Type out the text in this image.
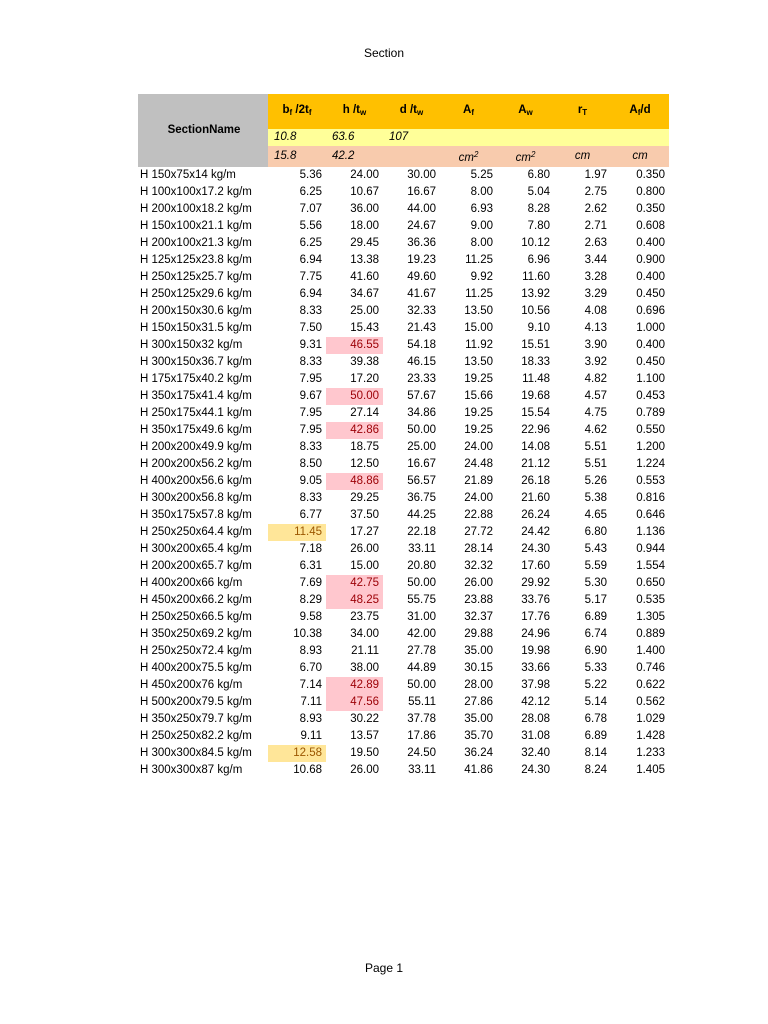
Section
SectionName	$b_f$ $/2t_f$	h $/t_w$	d $/t_w$	$A_f$	$A_w$	$r_T$	$A_f/d$
	10.8	63.6	107				
	15.8	42.2		$cm^2$	$cm^2$	cm	cm
H 150x75x14 kg/m	5.36	24.00	30.00	5.25	6.80	1.97	0.350
H 100x100x17.2 kg/m	6.25	10.67	16.67	8.00	5.04	2.75	0.800
H 200x100x18.2 kg/m	7.07	36.00	44.00	6.93	8.28	2.62	0.350
H 150x100x21.1 kg/m	5.56	18.00	24.67	9.00	7.80	2.71	0.608
H 200x100x21.3 kg/m	6.25	29.45	36.36	8.00	10.12	2.63	0.400
H 125x125x23.8 kg/m	6.94	13.38	19.23	11.25	6.96	3.44	0.900
H 250x125x25.7 kg/m	7.75	41.60	49.60	9.92	11.60	3.28	0.400
H 250x125x29.6 kg/m	6.94	34.67	41.67	11.25	13.92	3.29	0.450
H 200x150x30.6 kg/m	8.33	25.00	32.33	13.50	10.56	4.08	0.696
H 150x150x31.5 kg/m	7.50	15.43	21.43	15.00	9.10	4.13	1.000
H 300x150x32 kg/m	9.31	46.55	54.18	11.92	15.51	3.90	0.400
H 300x150x36.7 kg/m	8.33	39.38	46.15	13.50	18.33	3.92	0.450
H 175x175x40.2 kg/m	7.95	17.20	23.33	19.25	11.48	4.82	1.100
H 350x175x41.4 kg/m	9.67	50.00	57.67	15.66	19.68	4.57	0.453
H 250x175x44.1 kg/m	7.95	27.14	34.86	19.25	15.54	4.75	0.789
H 350x175x49.6 kg/m	7.95	42.86	50.00	19.25	22.96	4.62	0.550
H 200x200x49.9 kg/m	8.33	18.75	25.00	24.00	14.08	5.51	1.200
H 200x200x56.2 kg/m	8.50	12.50	16.67	24.48	21.12	5.51	1.224
H 400x200x56.6 kg/m	9.05	48.86	56.57	21.89	26.18	5.26	0.553
H 300x200x56.8 kg/m	8.33	29.25	36.75	24.00	21.60	5.38	0.816
H 350x175x57.8 kg/m	6.77	37.50	44.25	22.88	26.24	4.65	0.646
H 250x250x64.4 kg/m	11.45	17.27	22.18	27.72	24.42	6.80	1.136
H 300x200x65.4 kg/m	7.18	26.00	33.11	28.14	24.30	5.43	0.944
H 200x200x65.7 kg/m	6.31	15.00	20.80	32.32	17.60	5.59	1.554
H 400x200x66 kg/m	7.69	42.75	50.00	26.00	29.92	5.30	0.650
H 450x200x66.2 kg/m	8.29	48.25	55.75	23.88	33.76	5.17	0.535
H 250x250x66.5 kg/m	9.58	23.75	31.00	32.37	17.76	6.89	1.305
H 350x250x69.2 kg/m	10.38	34.00	42.00	29.88	24.96	6.74	0.889
H 250x250x72.4 kg/m	8.93	21.11	27.78	35.00	19.98	6.90	1.400
H 400x200x75.5 kg/m	6.70	38.00	44.89	30.15	33.66	5.33	0.746
H 450x200x76 kg/m	7.14	42.89	50.00	28.00	37.98	5.22	0.622
H 500x200x79.5 kg/m	7.11	47.56	55.11	27.86	42.12	5.14	0.562
H 350x250x79.7 kg/m	8.93	30.22	37.78	35.00	28.08	6.78	1.029
H 250x250x82.2 kg/m	9.11	13.57	17.86	35.70	31.08	6.89	1.428
H 300x300x84.5 kg/m	12.58	19.50	24.50	36.24	32.40	8.14	1.233
H 300x300x87 kg/m	10.68	26.00	33.11	41.86	24.30	8.24	1.405
Page 1
